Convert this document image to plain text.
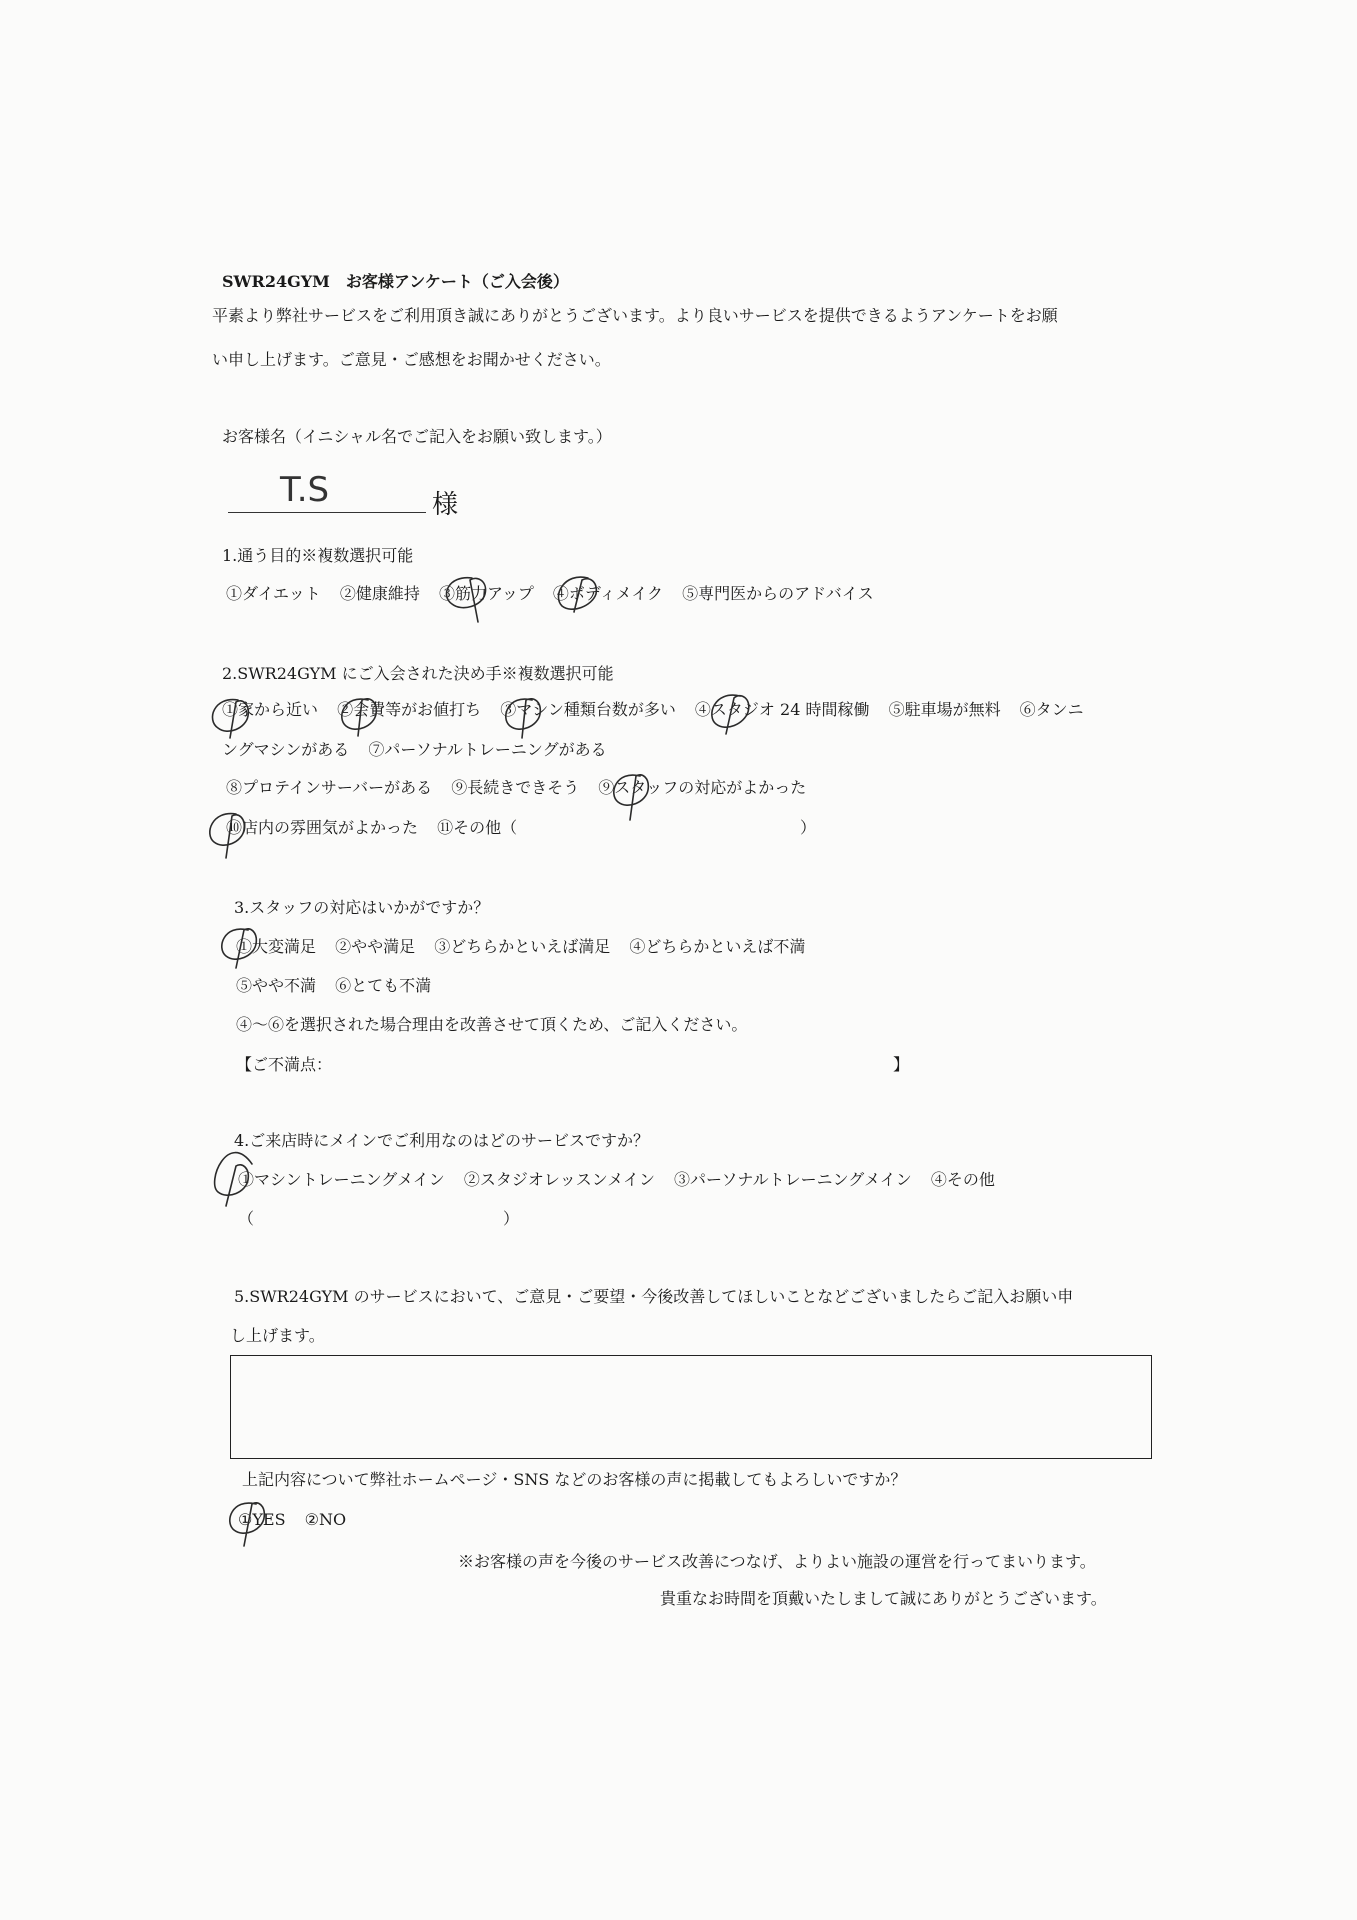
SWR24GYM　お客様アンケート（ご入会後）
平素より弊社サービスをご利用頂き誠にありがとうございます。より良いサービスを提供できるようアンケートをお願
い申し上げます。ご意見・ご感想をお聞かせください。
お客様名（イニシャル名でご記入をお願い致します。）
T.S	様
1.通う目的※複数選択可能
①ダイエット ②健康維持 ③筋力アップ ④ボディメイク ⑤専門医からのアドバイス
2.SWR24GYM にご入会された決め手※複数選択可能
①家から近い ②会費等がお値打ち ③マシン種類台数が多い ④スタジオ 24 時間稼働 ⑤駐車場が無料 ⑥タンニ
ングマシンがある ⑦パーソナルトレーニングがある
⑧プロテインサーバーがある ⑨長続きできそう ⑨スタッフの対応がよかった
⑩店内の雰囲気がよかった ⑪その他（	）
3.スタッフの対応はいかがですか？
①大変満足 ②やや満足 ③どちらかといえば満足 ④どちらかといえば不満
⑤やや不満 ⑥とても不満
④～⑥を選択された場合理由を改善させて頂くため、ご記入ください。
【ご不満点：	】
4.ご来店時にメインでご利用なのはどのサービスですか？
①マシントレーニングメイン ②スタジオレッスンメイン ③パーソナルトレーニングメイン ④その他
（	）
5.SWR24GYM のサービスにおいて、ご意見・ご要望・今後改善してほしいことなどございましたらご記入お願い申
し上げます。
上記内容について弊社ホームページ・SNS などのお客様の声に掲載してもよろしいですか？
①YES ②NO
※お客様の声を今後のサービス改善につなげ、よりよい施設の運営を行ってまいります。
貴重なお時間を頂戴いたしまして誠にありがとうございます。
